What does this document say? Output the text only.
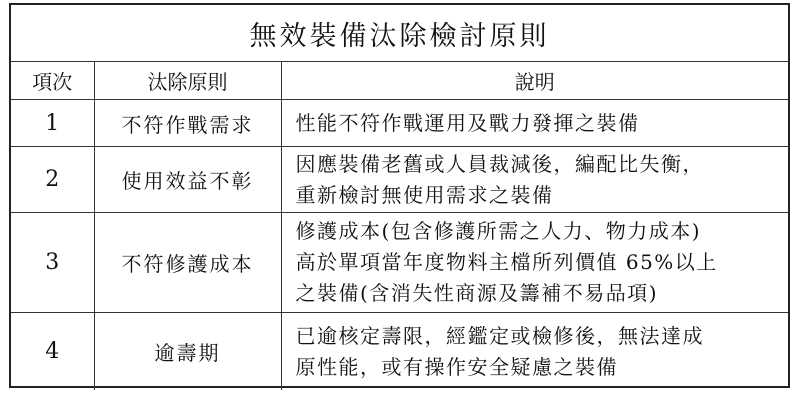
無效裝備汰除檢討原則		
項次	汰除原則	說明
1	不符作戰需求	性能不符作戰運用及戰力發揮之裝備

2	使用效益不彰	因應裝備老舊或人員裁減後，編配比失衡，
重新檢討無使用需求之裝備

3	不符修護成本	修護成本(包含修護所需之人力、物力成本)
高於單項當年度物料主檔所列價值 65%以上
之裝備(含消失性商源及籌補不易品項)

4	逾壽期	已逾核定壽限，經鑑定或檢修後，無法達成
原性能，或有操作安全疑慮之裝備
